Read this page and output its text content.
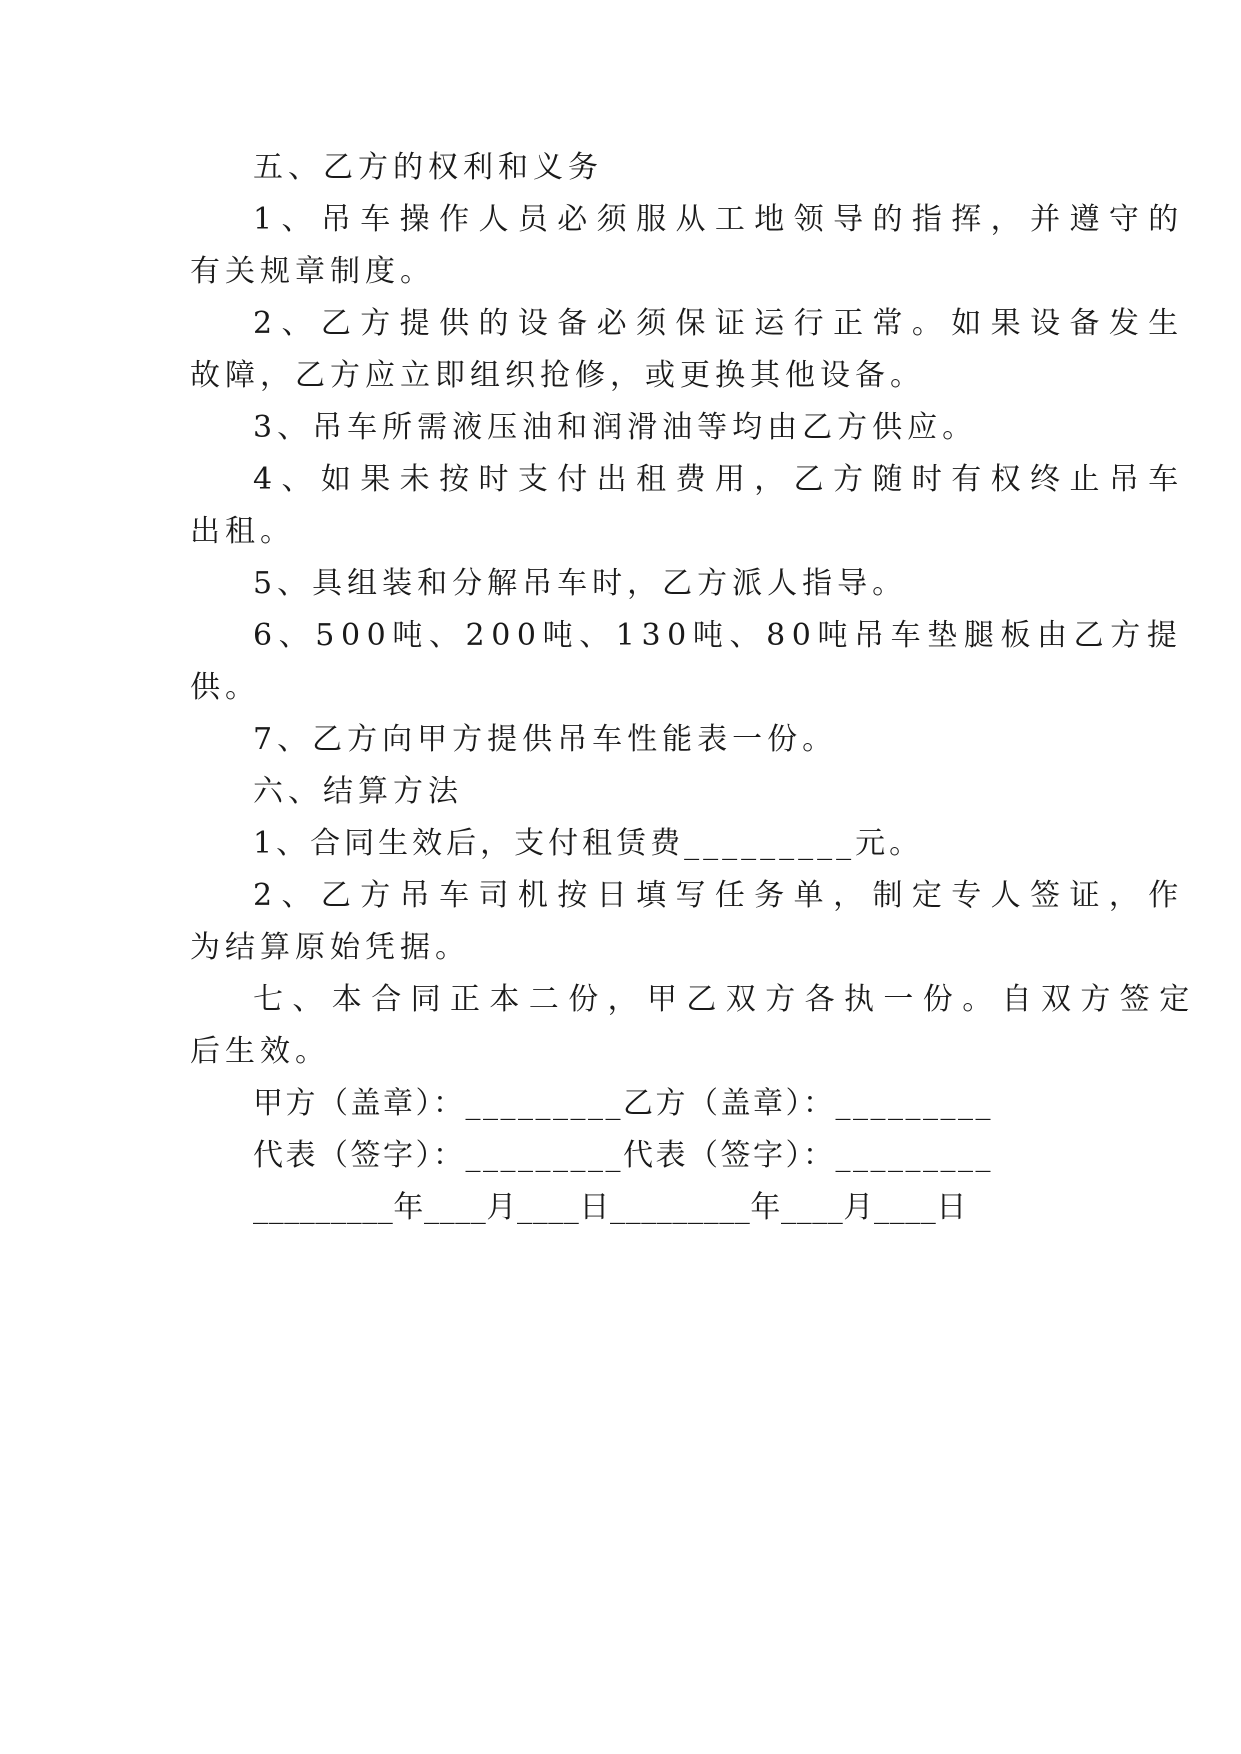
五、乙方的权利和义务
1、吊车操作人员必须服从工地领导的指挥，并遵守的
有关规章制度。
2、乙方提供的设备必须保证运行正常。如果设备发生
故障，乙方应立即组织抢修，或更换其他设备。
3、吊车所需液压油和润滑油等均由乙方供应。
4、如果未按时支付出租费用，乙方随时有权终止吊车
出租。
5、具组装和分解吊车时，乙方派人指导。
6、500吨、200吨、130吨、80吨吊车垫腿板由乙方提
供。
7、乙方向甲方提供吊车性能表一份。
六、结算方法
1、合同生效后，支付租赁费_________元。
2、乙方吊车司机按日填写任务单，制定专人签证，作
为结算原始凭据。
七、本合同正本二份，甲乙双方各执一份。自双方签定
后生效。
甲方（盖章）：_________乙方（盖章）：_________
代表（签字）：_________代表（签字）：_________
_________年____月____日_________年____月____日
